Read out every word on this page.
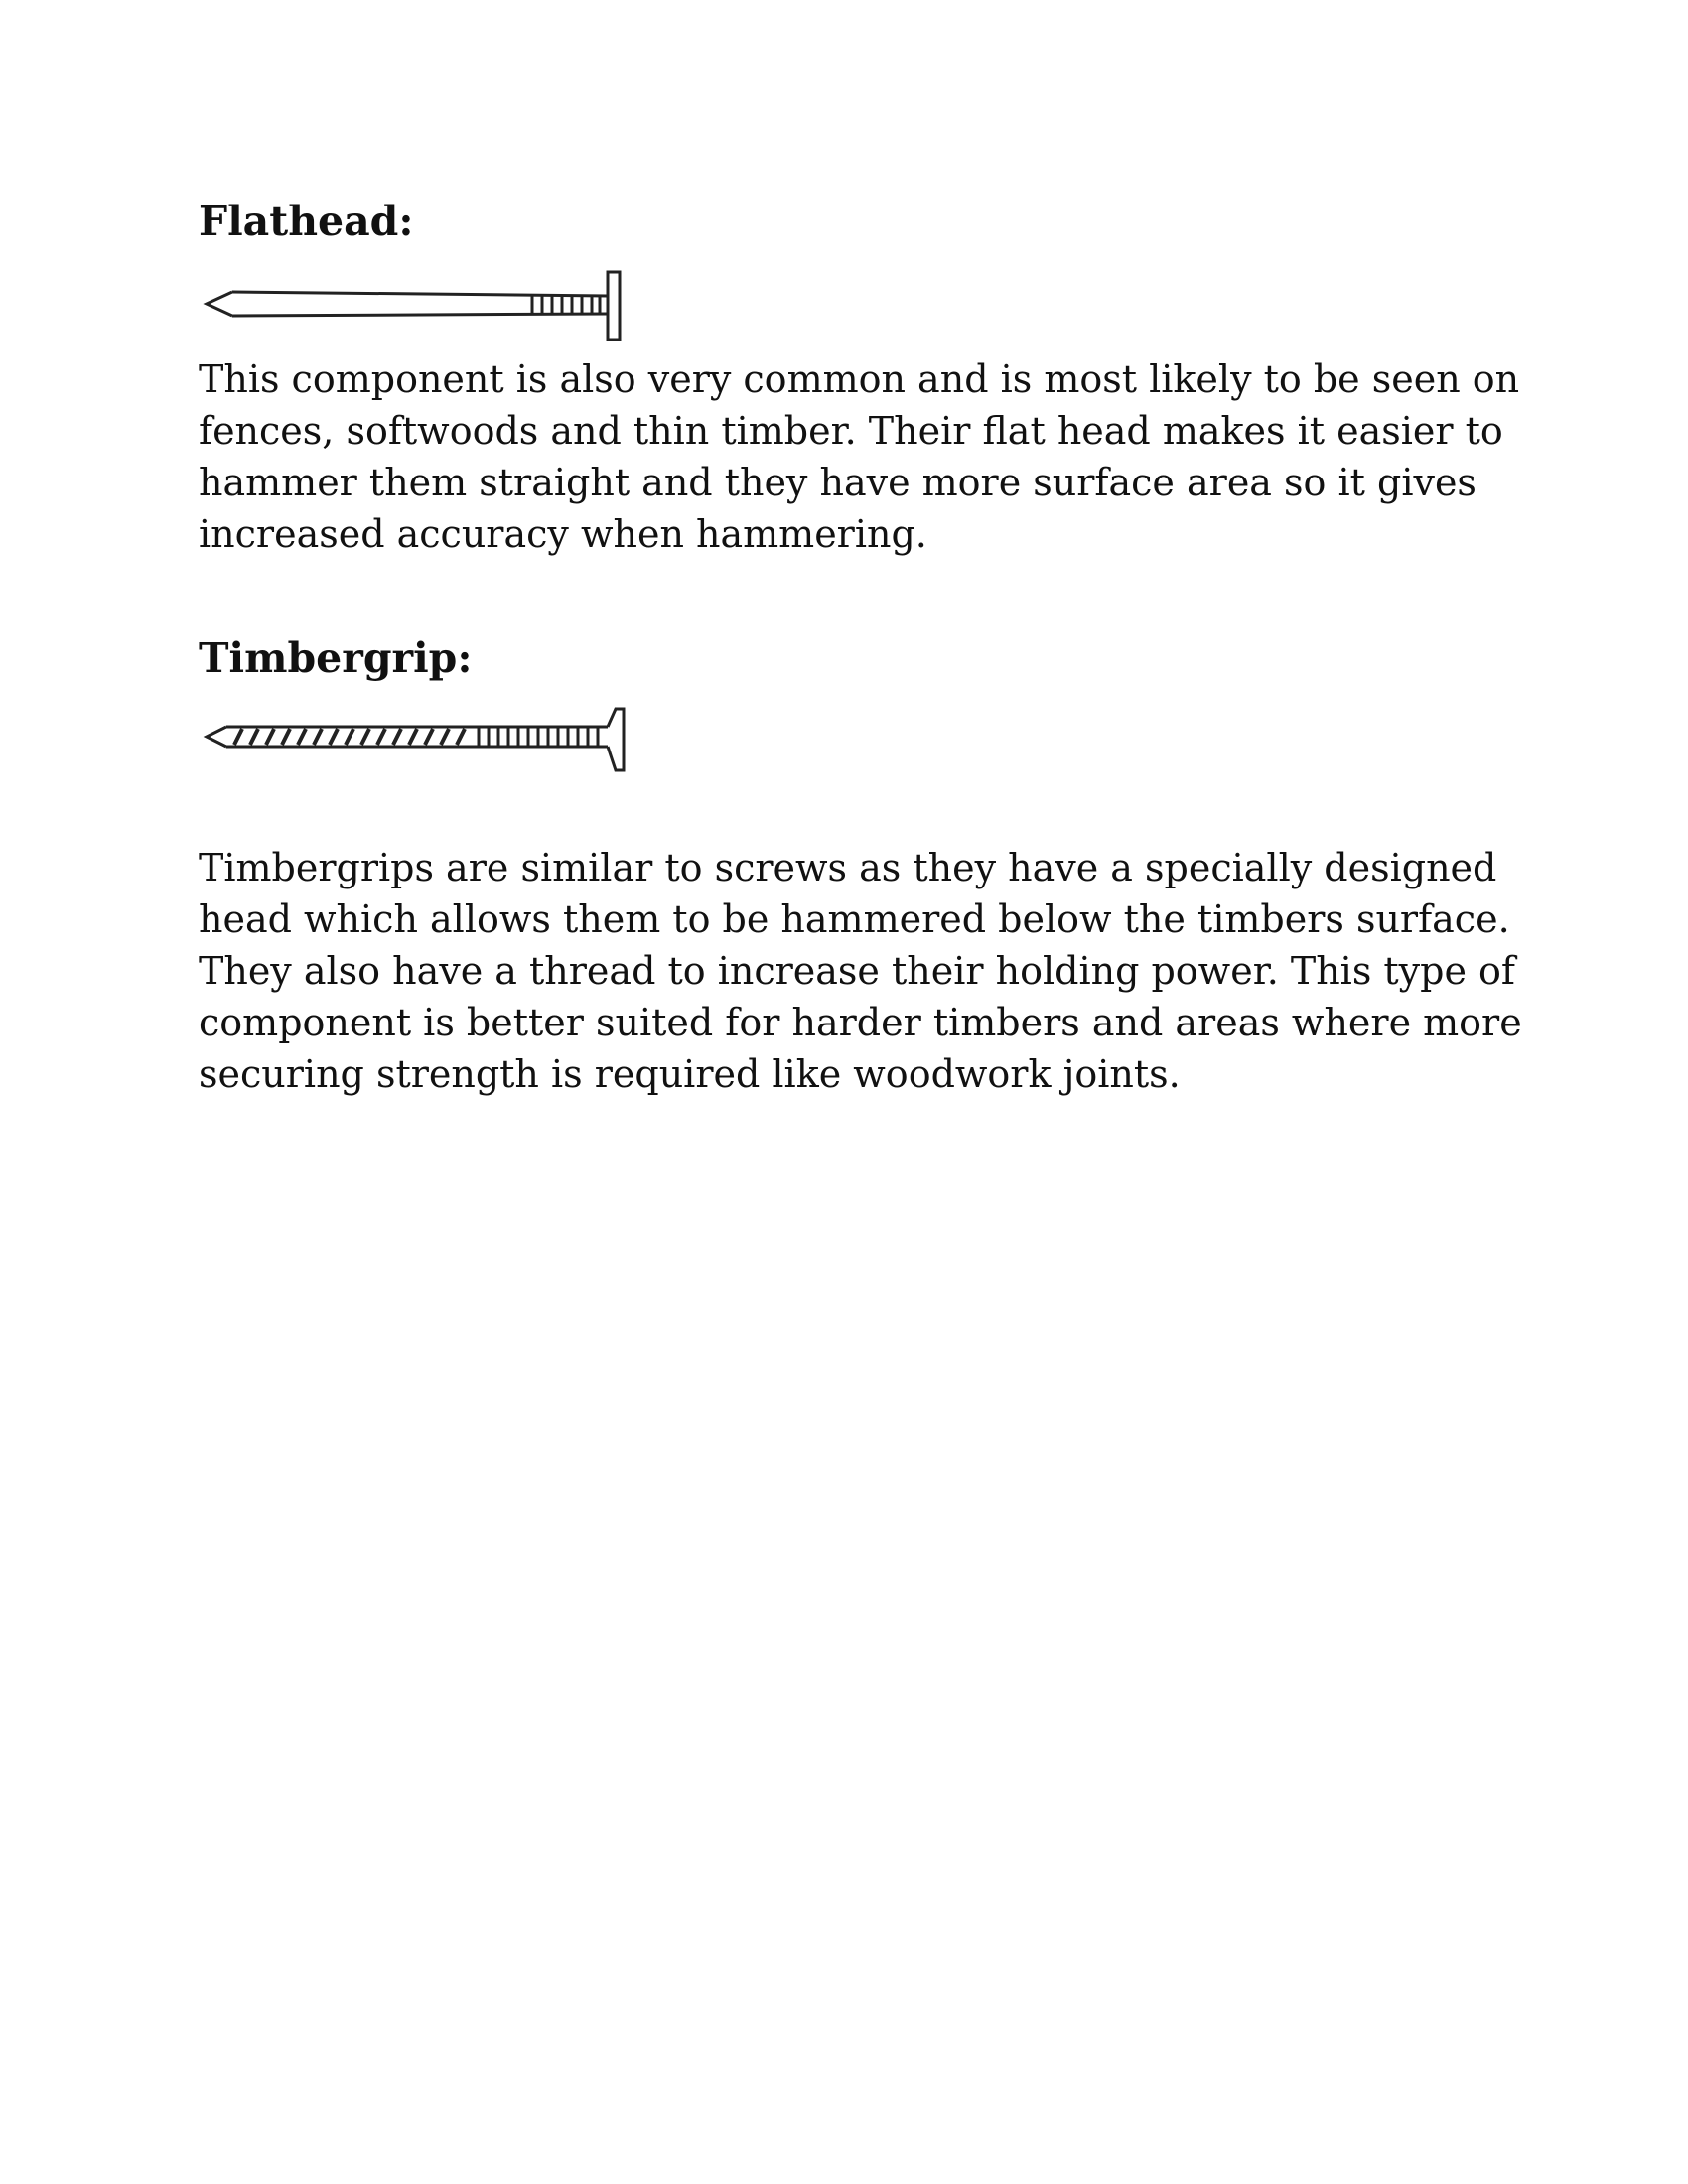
Flathead:

This component is also very common and is most likely to be seen on
fences, softwoods and thin timber. Their flat head makes it easier to
hammer them straight and they have more surface area so it gives
increased accuracy when hammering.

Timbergrip:

Timbergrips are similar to screws as they have a specially designed
head which allows them to be hammered below the timbers surface.
They also have a thread to increase their holding power. This type of
component is better suited for harder timbers and areas where more
securing strength is required like woodwork joints.
